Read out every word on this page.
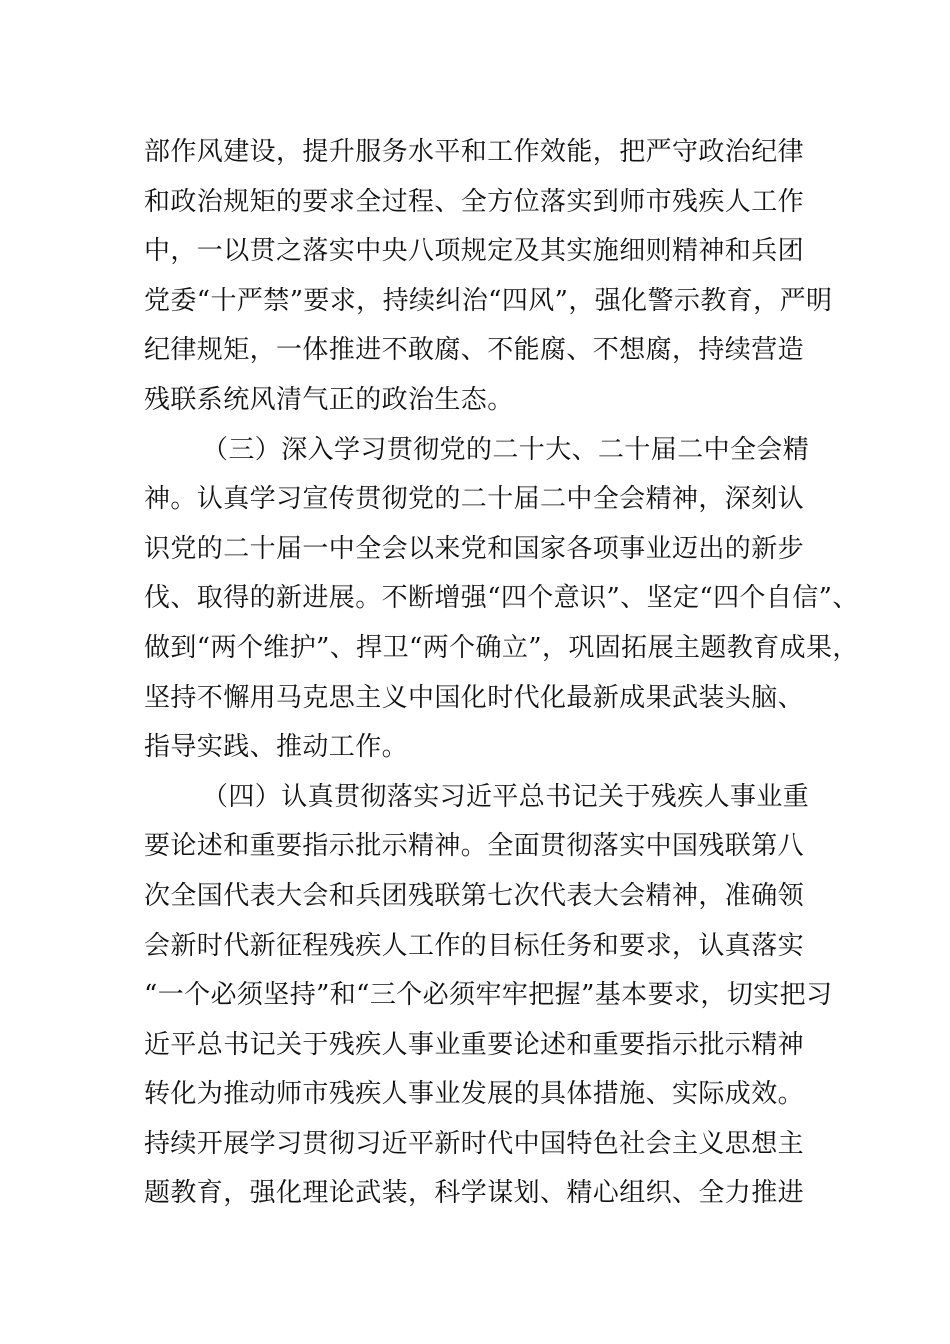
部作风建设，提升服务水平和工作效能，把严守政治纪律
和政治规矩的要求全过程、全方位落实到师市残疾人工作
中，一以贯之落实中央八项规定及其实施细则精神和兵团
党委“十严禁”要求，持续纠治“四风”，强化警示教育，严明
纪律规矩，一体推进不敢腐、不能腐、不想腐，持续营造
残联系统风清气正的政治生态。
（三）深入学习贯彻党的二十大、二十届二中全会精
神。认真学习宣传贯彻党的二十届二中全会精神，深刻认
识党的二十届一中全会以来党和国家各项事业迈出的新步
伐、取得的新进展。不断增强“四个意识”、坚定“四个自信”、
做到“两个维护”、捍卫“两个确立”，巩固拓展主题教育成果，
坚持不懈用马克思主义中国化时代化最新成果武装头脑、
指导实践、推动工作。
（四）认真贯彻落实习近平总书记关于残疾人事业重
要论述和重要指示批示精神。全面贯彻落实中国残联第八
次全国代表大会和兵团残联第七次代表大会精神，准确领
会新时代新征程残疾人工作的目标任务和要求，认真落实
“一个必须坚持”和“三个必须牢牢把握”基本要求，切实把习
近平总书记关于残疾人事业重要论述和重要指示批示精神
转化为推动师市残疾人事业发展的具体措施、实际成效。
持续开展学习贯彻习近平新时代中国特色社会主义思想主
题教育，强化理论武装，科学谋划、精心组织、全力推进
